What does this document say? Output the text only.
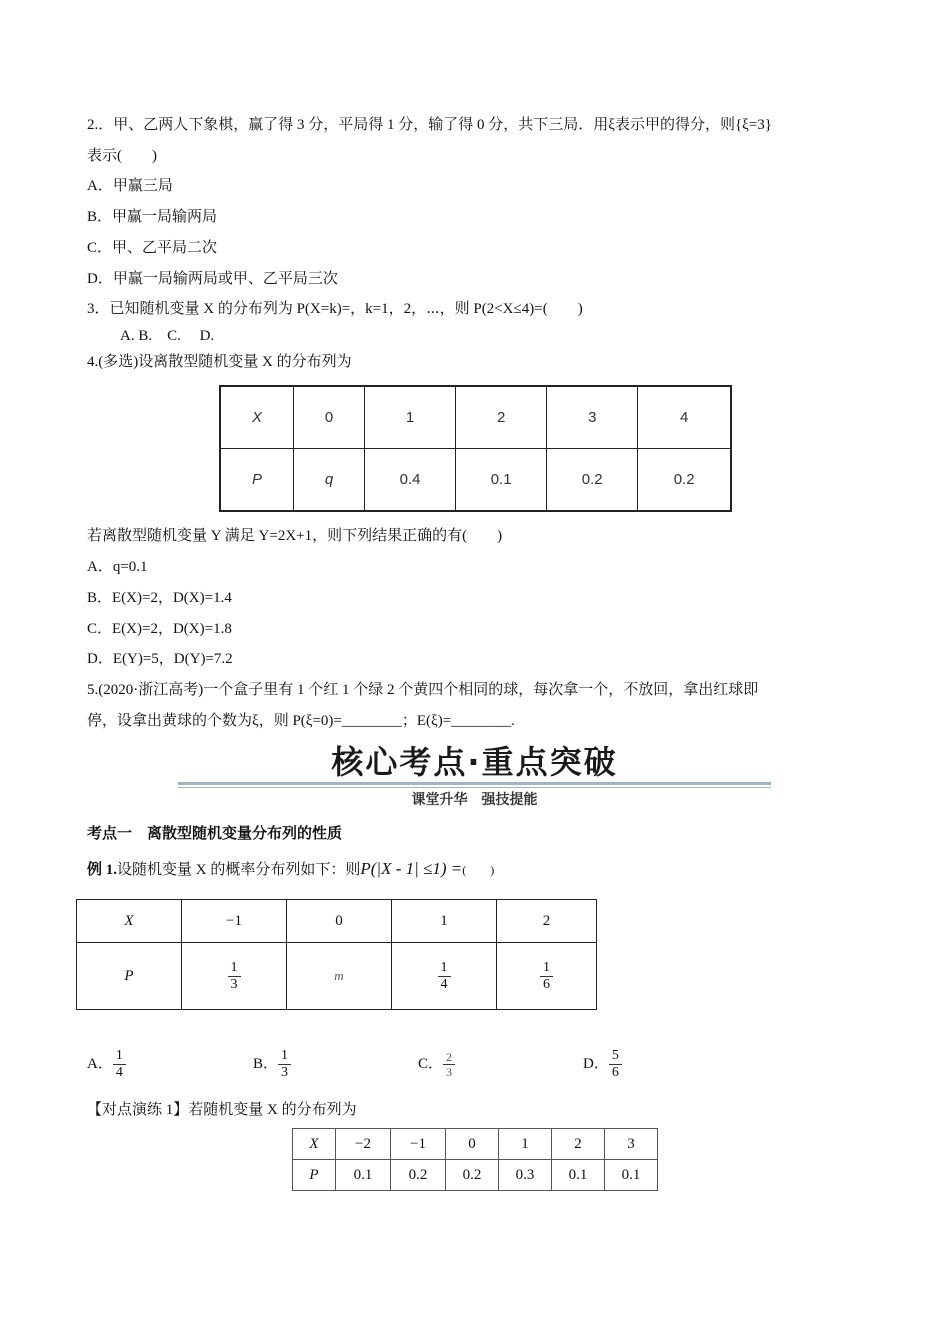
2.．甲、乙两人下象棋，赢了得 3 分，平局得 1 分，输了得 0 分，共下三局．用ξ表示甲的得分，则{ξ=3}
表示(　　)
A．甲赢三局
B．甲赢一局输两局
C．甲、乙平局二次
D．甲赢一局输两局或甲、乙平局三次
3．已知随机变量 X 的分布列为 P(X=k)=，k=1，2，⋯，则 P(2<X≤4)=(　　)
A. B.　C.　 D.
4.(多选)设离散型随机变量 X 的分布列为
X	0	1	2	3	4
P	q	0.4	0.1	0.2	0.2
若离散型随机变量 Y 满足 Y=2X+1，则下列结果正确的有(　　)
A．q=0.1
B．E(X)=2，D(X)=1.4
C．E(X)=2，D(X)=1.8
D．E(Y)=5，D(Y)=7.2
5.(2020·浙江高考)一个盒子里有 1 个红 1 个绿 2 个黄四个相同的球，每次拿一个，不放回，拿出红球即
停，设拿出黄球的个数为ξ，则 P(ξ=0)=________；E(ξ)=________.
核心考点·重点突破
课堂升华　强技提能
考点一　离散型随机变量分布列的性质
例 1.设随机变量 X 的概率分布列如下：则P(|X - 1| ≤1) =(　　)
X	−1	0	1	2
P	$\frac{1}{3}$	m	$\frac{1}{4}$	$\frac{1}{6}$
A． $\frac{1}{4}$	B． $\frac{1}{3}$	C． $\frac{2}{3}$	D． $\frac{5}{6}$
【对点演练 1】若随机变量 X 的分布列为
X	−2	−1	0	1	2	3
P	0.1	0.2	0.2	0.3	0.1	0.1
